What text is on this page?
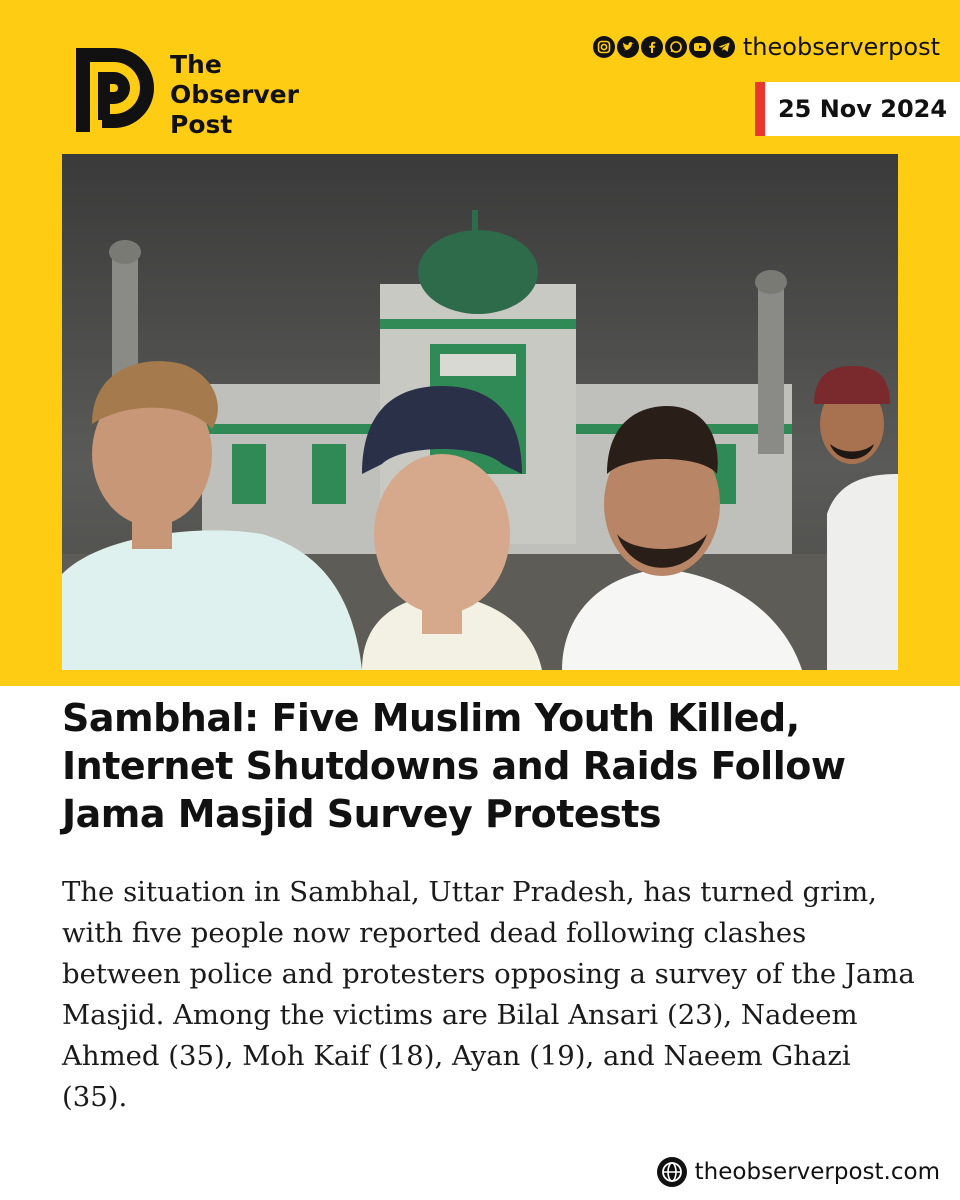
The
Observer
Post
theobserverpost
25 Nov 2024
Sambhal: Five Muslim Youth Killed, Internet Shutdowns and Raids Follow Jama Masjid Survey Protests
The situation in Sambhal, Uttar Pradesh, has turned grim, with five people now reported dead following clashes between police and protesters opposing a survey of the Jama Masjid. Among the victims are Bilal Ansari (23), Nadeem Ahmed (35), Moh Kaif (18), Ayan (19), and Naeem Ghazi (35).
theobserverpost.com
